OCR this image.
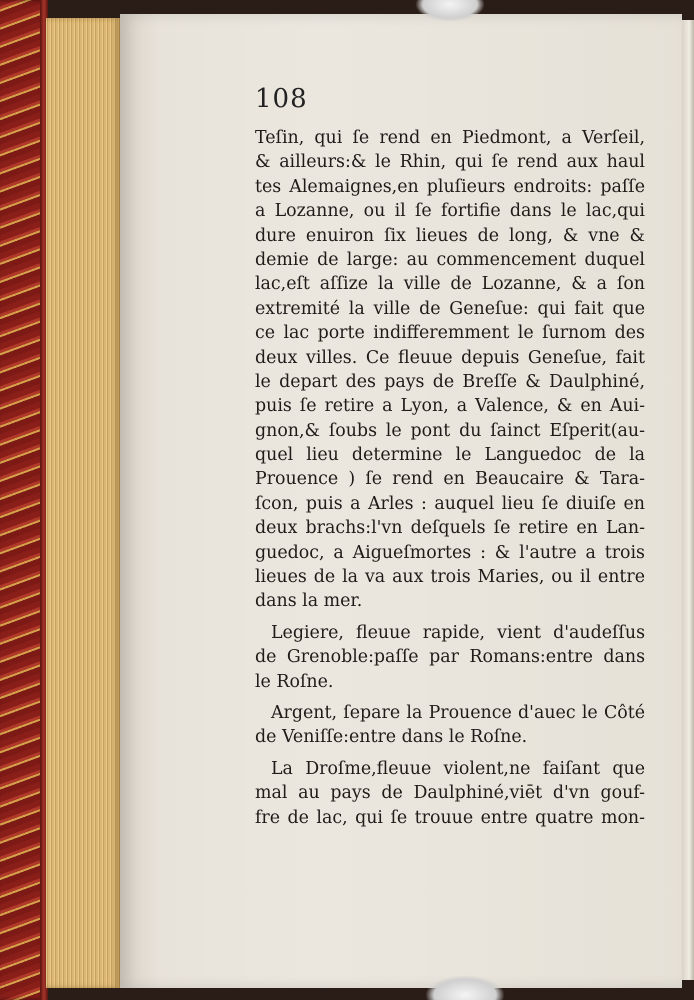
108
Teſin, qui ſe rend en Piedmont, a Verſeil,
& ailleurs:& le Rhin, qui ſe rend aux haul
tes Alemaignes,en pluſieurs endroits: paſſe
a Lozanne, ou il ſe fortifie dans le lac,qui
dure enuiron ſix lieues de long, & vne &
demie de large: au commencement duquel
lac,eſt aſſize la ville de Lozanne, & a ſon
extremité la ville de Geneſue: qui fait que
ce lac porte indifferemment le ſurnom des
deux villes. Ce fleuue depuis Geneſue, fait
le depart des pays de Breſſe & Daulphiné,
puis ſe retire a Lyon, a Valence, & en Aui-
gnon,& ſoubs le pont du ſainct Eſperit(au-
quel lieu determine le Languedoc de la
Prouence ) ſe rend en Beaucaire & Tara-
ſcon, puis a Arles : auquel lieu ſe diuiſe en
deux brachs:l'vn deſquels ſe retire en Lan-
guedoc, a Aigueſmortes : & l'autre a trois
lieues de la va aux trois Maries, ou il entre
dans la mer.
Legiere, fleuue rapide, vient d'audeſſus
de Grenoble:paſſe par Romans:entre dans
le Roſne.
Argent, ſepare la Prouence d'auec le Côté
de Veniſſe:entre dans le Roſne.
La Droſme,fleuue violent,ne faiſant que
mal au pays de Daulphiné,viēt d'vn gouf-
fre de lac, qui ſe trouue entre quatre mon-
